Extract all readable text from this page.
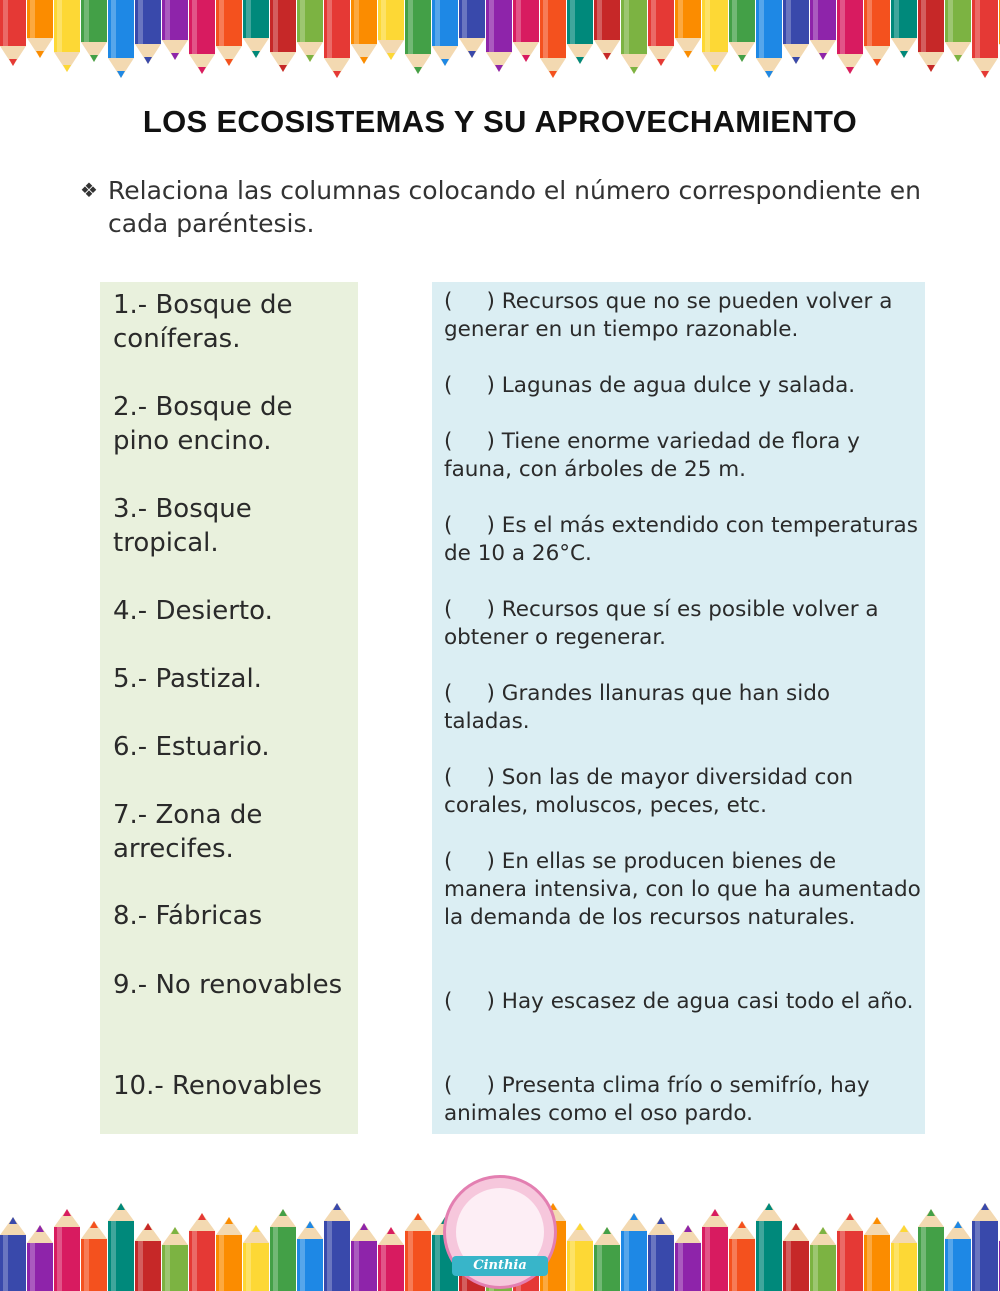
LOS ECOSISTEMAS Y SU APROVECHAMIENTO
❖ Relaciona las columnas colocando el número correspondiente en cada paréntesis.
1.- Bosque de coníferas.
2.- Bosque de pino encino.
3.- Bosque tropical.
4.- Desierto.
5.- Pastizal.
6.- Estuario.
7.- Zona de arrecifes.
8.- Fábricas
9.- No renovables
10.- Renovables
(     ) Recursos que no se pueden volver a generar en un tiempo razonable.
(     ) Lagunas de agua dulce y salada.
(     ) Tiene enorme variedad de flora y fauna, con árboles de 25 m.
(     ) Es el más extendido con temperaturas de 10 a 26°C.
(     ) Recursos que sí es posible volver a obtener o regenerar.
(     ) Grandes llanuras que han sido taladas.
(     ) Son las de mayor diversidad con corales, moluscos, peces, etc.
(     ) En ellas se producen bienes de manera intensiva, con lo que ha aumentado la demanda de los recursos naturales.
(     ) Hay escasez de agua casi todo el año.
(     ) Presenta clima frío o semifrío, hay animales como el oso pardo.
Cinthia
